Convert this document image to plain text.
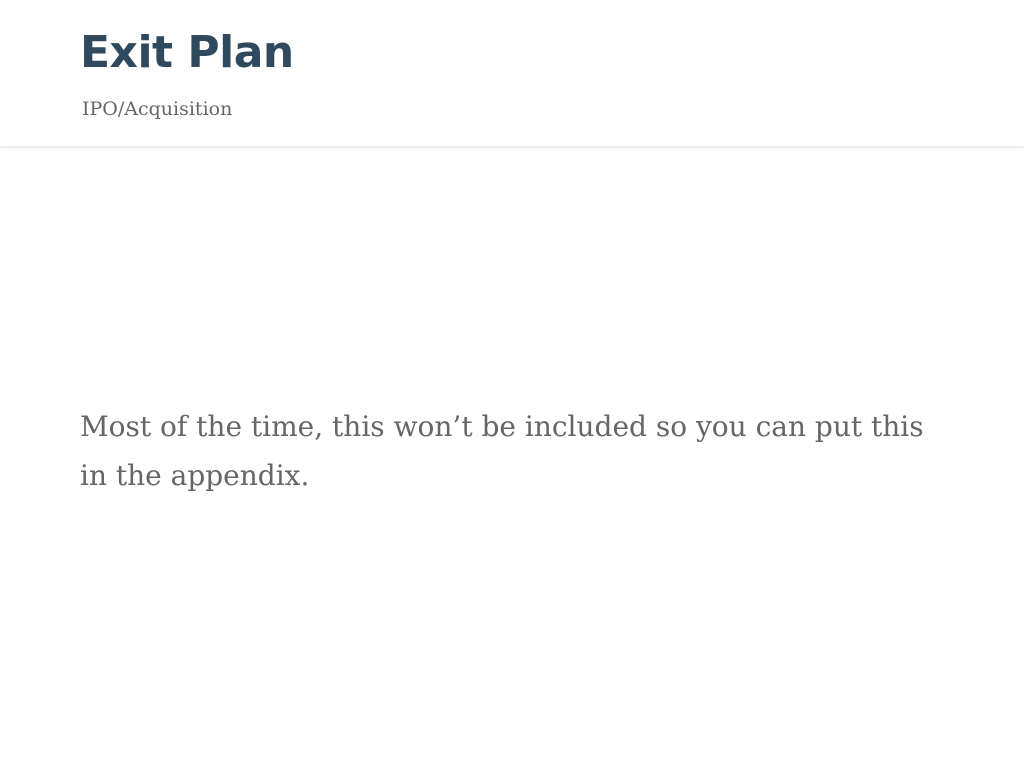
Exit Plan

IPO/Acquisition

Most of the time, this won’t be included so you can put this in the appendix.
